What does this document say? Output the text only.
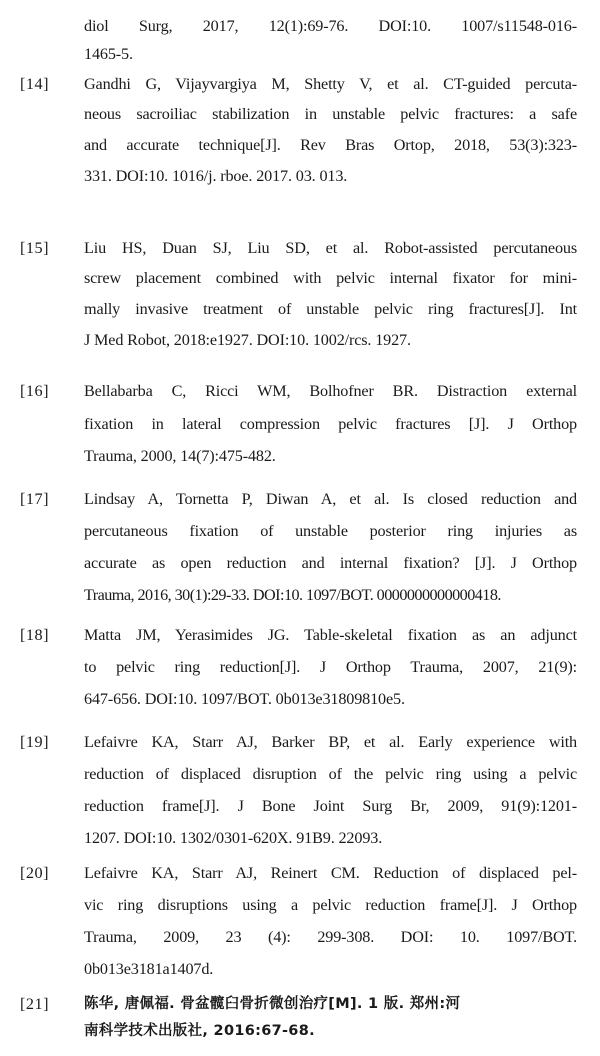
diol Surg, 2017, 12(1):69-76. DOI:10. 1007/s11548-016-
1465-5.
[14] Gandhi G, Vijayvargiya M, Shetty V, et al. CT-guided percuta-
neous sacroiliac stabilization in unstable pelvic fractures: a safe
and accurate technique[J]. Rev Bras Ortop, 2018, 53(3):323-
331. DOI:10. 1016/j. rboe. 2017. 03. 013.
[15] Liu HS, Duan SJ, Liu SD, et al. Robot-assisted percutaneous
screw placement combined with pelvic internal fixator for mini-
mally invasive treatment of unstable pelvic ring fractures[J]. Int
J Med Robot, 2018:e1927. DOI:10. 1002/rcs. 1927.
[16] Bellabarba C, Ricci WM, Bolhofner BR. Distraction external
fixation in lateral compression pelvic fractures [J]. J Orthop
Trauma, 2000, 14(7):475-482.
[17] Lindsay A, Tornetta P, Diwan A, et al. Is closed reduction and
percutaneous fixation of unstable posterior ring injuries as
accurate as open reduction and internal fixation? [J]. J Orthop
Trauma, 2016, 30(1):29-33. DOI:10. 1097/BOT. 0000000000000418.
[18] Matta JM, Yerasimides JG. Table-skeletal fixation as an adjunct
to pelvic ring reduction[J]. J Orthop Trauma, 2007, 21(9):
647-656. DOI:10. 1097/BOT. 0b013e31809810e5.
[19] Lefaivre KA, Starr AJ, Barker BP, et al. Early experience with
reduction of displaced disruption of the pelvic ring using a pelvic
reduction frame[J]. J Bone Joint Surg Br, 2009, 91(9):1201-
1207. DOI:10. 1302/0301-620X. 91B9. 22093.
[20] Lefaivre KA, Starr AJ, Reinert CM. Reduction of displaced pel-
vic ring disruptions using a pelvic reduction frame[J]. J Orthop
Trauma, 2009, 23 (4): 299-308. DOI: 10. 1097/BOT.
0b013e3181a1407d.
[21] 陈华, 唐佩福. 骨盆髋臼骨折微创治疗[M]. 1 版. 郑州:河
南科学技术出版社, 2016:67-68.
